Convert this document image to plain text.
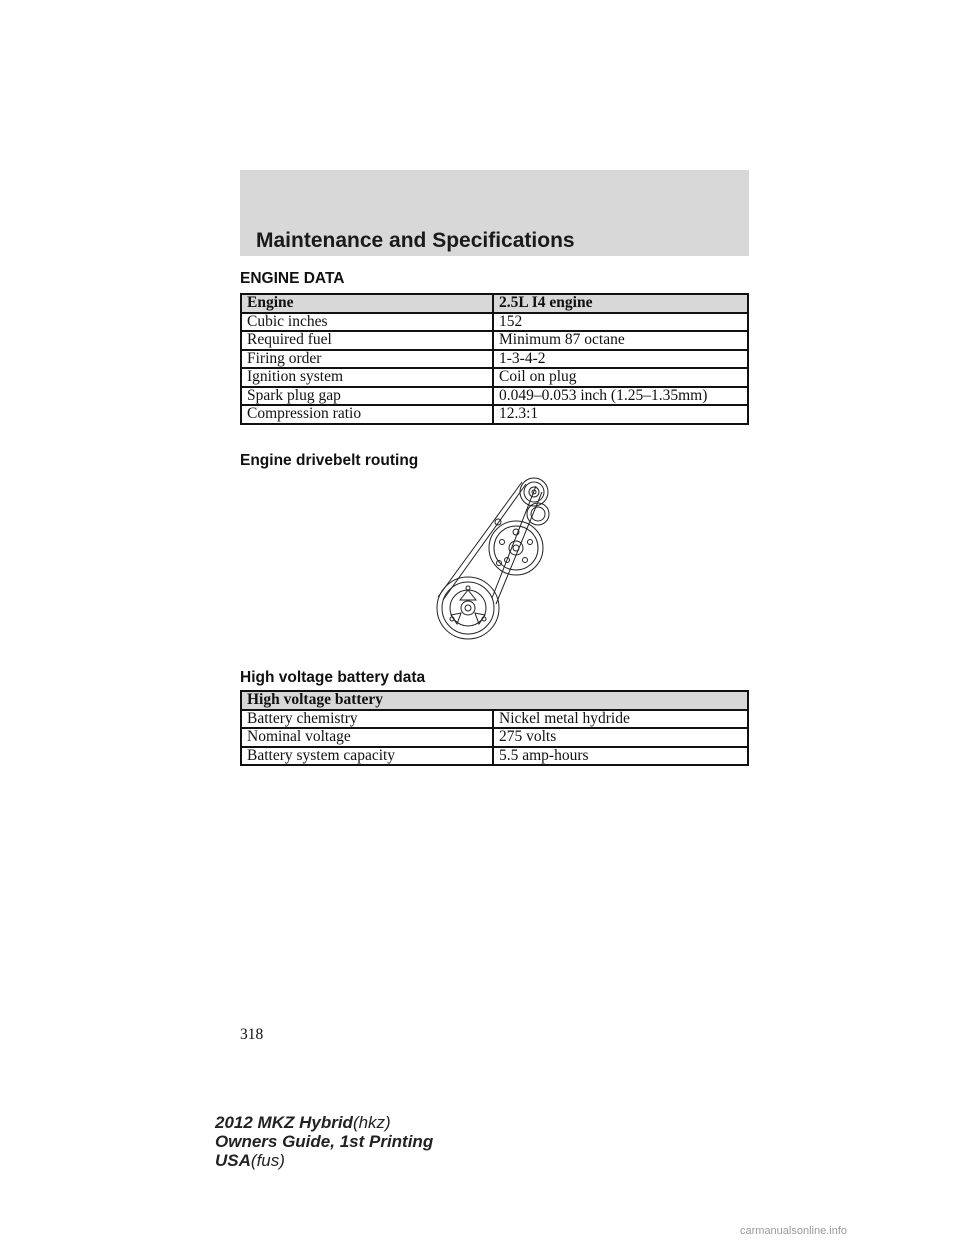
Maintenance and Specifications
ENGINE DATA
Engine	2.5L I4 engine
Cubic inches	152
Required fuel	Minimum 87 octane
Firing order	1-3-4-2
Ignition system	Coil on plug
Spark plug gap	0.049–0.053 inch (1.25–1.35mm)
Compression ratio	12.3:1
Engine drivebelt routing
High voltage battery data
High voltage battery	
Battery chemistry	Nickel metal hydride
Nominal voltage	275 volts
Battery system capacity	5.5 amp-hours
318
2012 MKZ Hybrid(hkz)
Owners Guide, 1st Printing
USA(fus)
carmanualsonline.info
